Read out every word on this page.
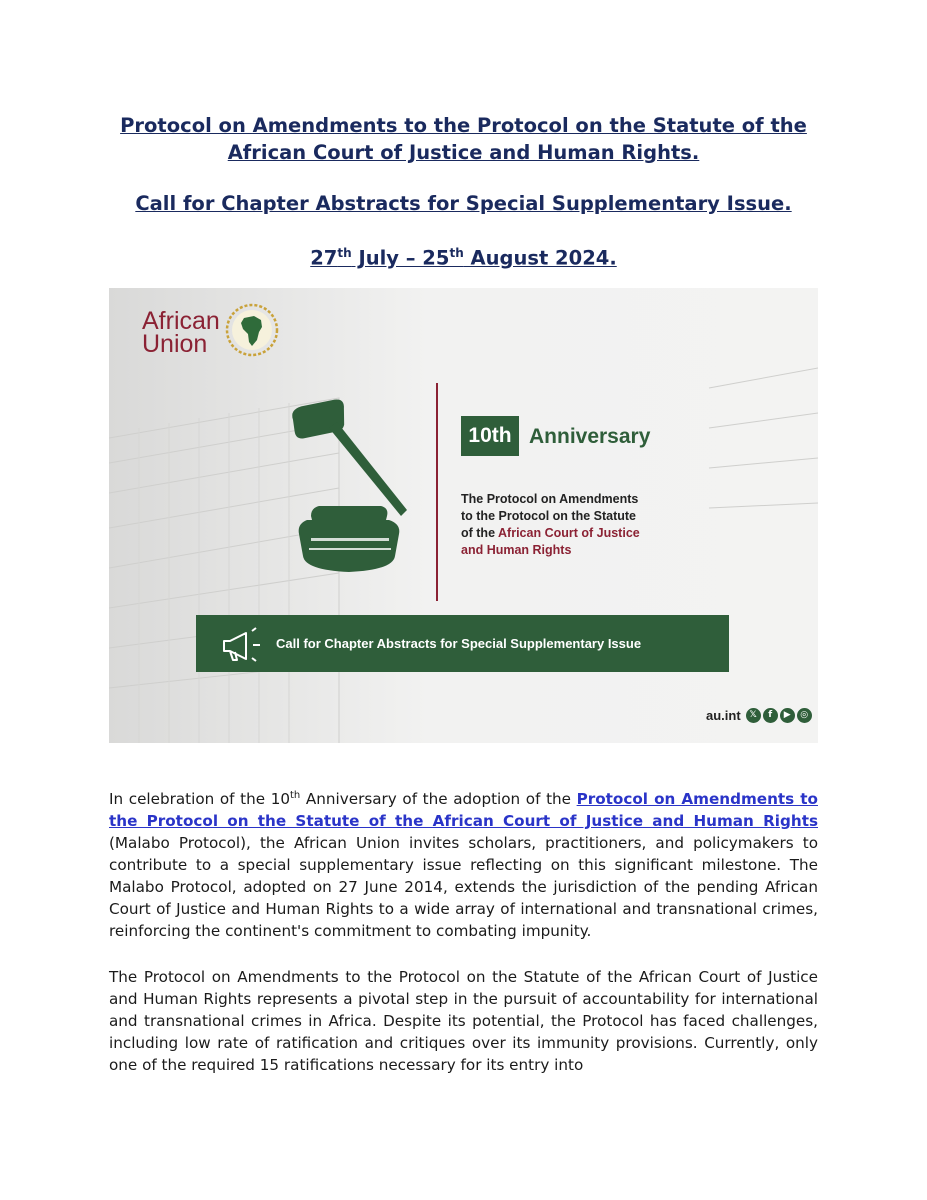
Protocol on Amendments to the Protocol on the Statute of the African Court of Justice and Human Rights.

Call for Chapter Abstracts for Special Supplementary Issue.

27th July – 25th August 2024.

African
Union
10th Anniversary
The Protocol on Amendments
to the Protocol on the Statute
of the African Court of Justice
and Human Rights
Call for Chapter Abstracts for Special Supplementary Issue
au.int 𝕏	f	▶	◎

In celebration of the 10th Anniversary of the adoption of the Protocol on Amendments to the Protocol on the Statute of the African Court of Justice and Human Rights (Malabo Protocol), the African Union invites scholars, practitioners, and policymakers to contribute to a special supplementary issue reflecting on this significant milestone. The Malabo Protocol, adopted on 27 June 2014, extends the jurisdiction of the pending African Court of Justice and Human Rights to a wide array of international and transnational crimes, reinforcing the continent's commitment to combating impunity.

The Protocol on Amendments to the Protocol on the Statute of the African Court of Justice and Human Rights represents a pivotal step in the pursuit of accountability for international and transnational crimes in Africa. Despite its potential, the Protocol has faced challenges, including low rate of ratification and critiques over its immunity provisions. Currently, only one of the required 15 ratifications necessary for its entry into
